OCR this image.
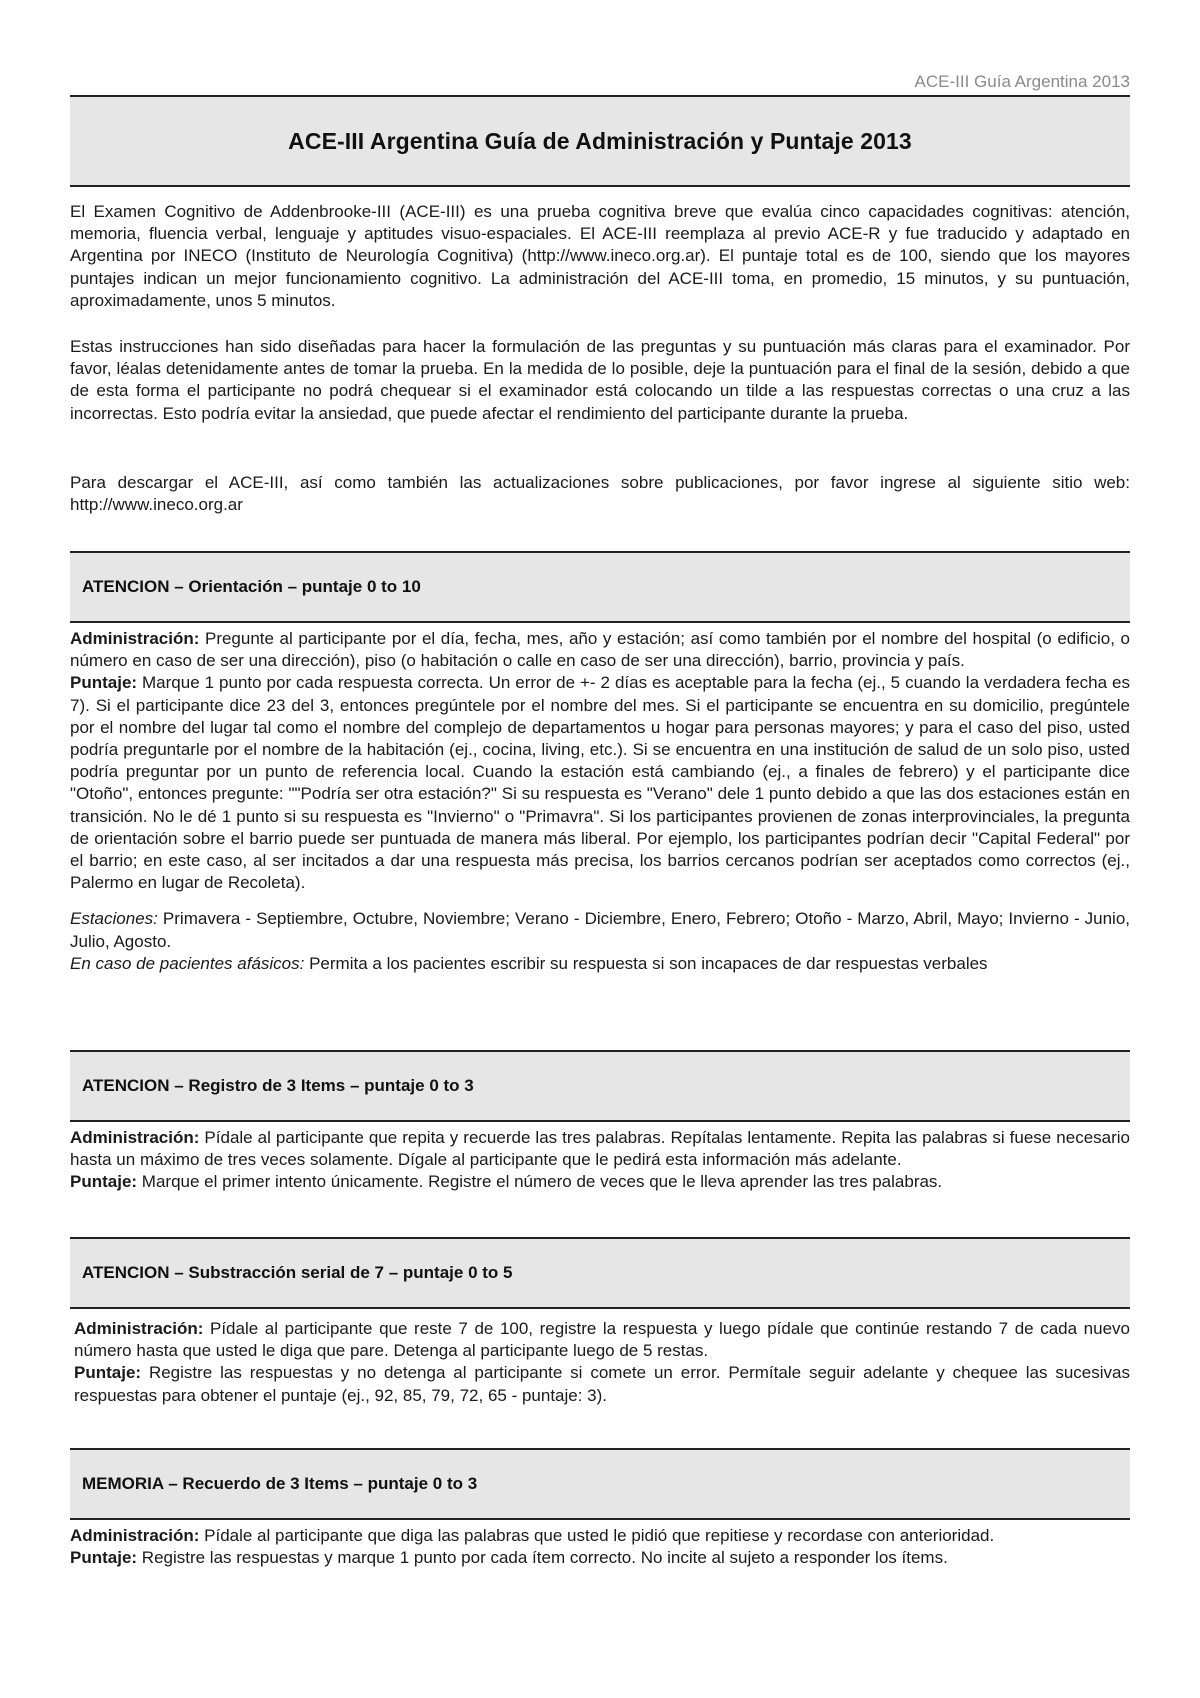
ACE-III Guía Argentina 2013
ACE-III Argentina Guía de Administración y Puntaje 2013

El Examen Cognitivo de Addenbrooke-III (ACE-III) es una prueba cognitiva breve que evalúa cinco capacidades cognitivas: atención, memoria, fluencia verbal, lenguaje y aptitudes visuo-espaciales. El ACE-III reemplaza al previo ACE-R y fue traducido y adaptado en Argentina por INECO (Instituto de Neurología Cognitiva) (http://www.ineco.org.ar). El puntaje total es de 100, siendo que los mayores puntajes indican un mejor funcionamiento cognitivo. La administración del ACE-III toma, en promedio, 15 minutos, y su puntuación, aproximadamente, unos 5 minutos.

Estas instrucciones han sido diseñadas para hacer la formulación de las preguntas y su puntuación más claras para el examinador. Por favor, léalas detenidamente antes de tomar la prueba. En la medida de lo posible, deje la puntuación para el final de la sesión, debido a que de esta forma el participante no podrá chequear si el examinador está colocando un tilde a las respuestas correctas o una cruz a las incorrectas. Esto podría evitar la ansiedad, que puede afectar el rendimiento del participante durante la prueba.

Para descargar el ACE-III, así como también las actualizaciones sobre publicaciones, por favor ingrese al siguiente sitio web: http://www.ineco.org.ar

ATENCION – Orientación – puntaje 0 to 10

Administración: Pregunte al participante por el día, fecha, mes, año y estación; así como también por el nombre del hospital (o edificio, o número en caso de ser una dirección), piso (o habitación o calle en caso de ser una dirección), barrio, provincia y país.

Puntaje: Marque 1 punto por cada respuesta correcta. Un error de +- 2 días es aceptable para la fecha (ej., 5 cuando la verdadera fecha es 7). Si el participante dice 23 del 3, entonces pregúntele por el nombre del mes. Si el participante se encuentra en su domicilio, pregúntele por el nombre del lugar tal como el nombre del complejo de departamentos u hogar para personas mayores; y para el caso del piso, usted podría preguntarle por el nombre de la habitación (ej., cocina, living, etc.). Si se encuentra en una institución de salud de un solo piso, usted podría preguntar por un punto de referencia local. Cuando la estación está cambiando (ej., a finales de febrero) y el participante dice "Otoño", entonces pregunte: ""Podría ser otra estación?" Si su respuesta es "Verano" dele 1 punto debido a que las dos estaciones están en transición. No le dé 1 punto si su respuesta es "Invierno" o "Primavra". Si los participantes provienen de zonas interprovinciales, la pregunta de orientación sobre el barrio puede ser puntuada de manera más liberal. Por ejemplo, los participantes podrían decir "Capital Federal" por el barrio; en este caso, al ser incitados a dar una respuesta más precisa, los barrios cercanos podrían ser aceptados como correctos (ej., Palermo en lugar de Recoleta).

Estaciones: Primavera - Septiembre, Octubre, Noviembre; Verano - Diciembre, Enero, Febrero; Otoño - Marzo, Abril, Mayo; Invierno - Junio, Julio, Agosto.

En caso de pacientes afásicos: Permita a los pacientes escribir su respuesta si son incapaces de dar respuestas verbales

ATENCION – Registro de 3 Items – puntaje 0 to 3

Administración: Pídale al participante que repita y recuerde las tres palabras. Repítalas lentamente. Repita las palabras si fuese necesario hasta un máximo de tres veces solamente. Dígale al participante que le pedirá esta información más adelante.

Puntaje: Marque el primer intento únicamente. Registre el número de veces que le lleva aprender las tres palabras.

ATENCION – Substracción serial de 7 – puntaje 0 to 5

Administración: Pídale al participante que reste 7 de 100, registre la respuesta y luego pídale que continúe restando 7 de cada nuevo número hasta que usted le diga que pare. Detenga al participante luego de 5 restas.

Puntaje: Registre las respuestas y no detenga al participante si comete un error. Permítale seguir adelante y chequee las sucesivas respuestas para obtener el puntaje (ej., 92, 85, 79, 72, 65 - puntaje: 3).

MEMORIA – Recuerdo de 3 Items – puntaje 0 to 3

Administración: Pídale al participante que diga las palabras que usted le pidió que repitiese y recordase con anterioridad.

Puntaje: Registre las respuestas y marque 1 punto por cada ítem correcto. No incite al sujeto a responder los ítems.
